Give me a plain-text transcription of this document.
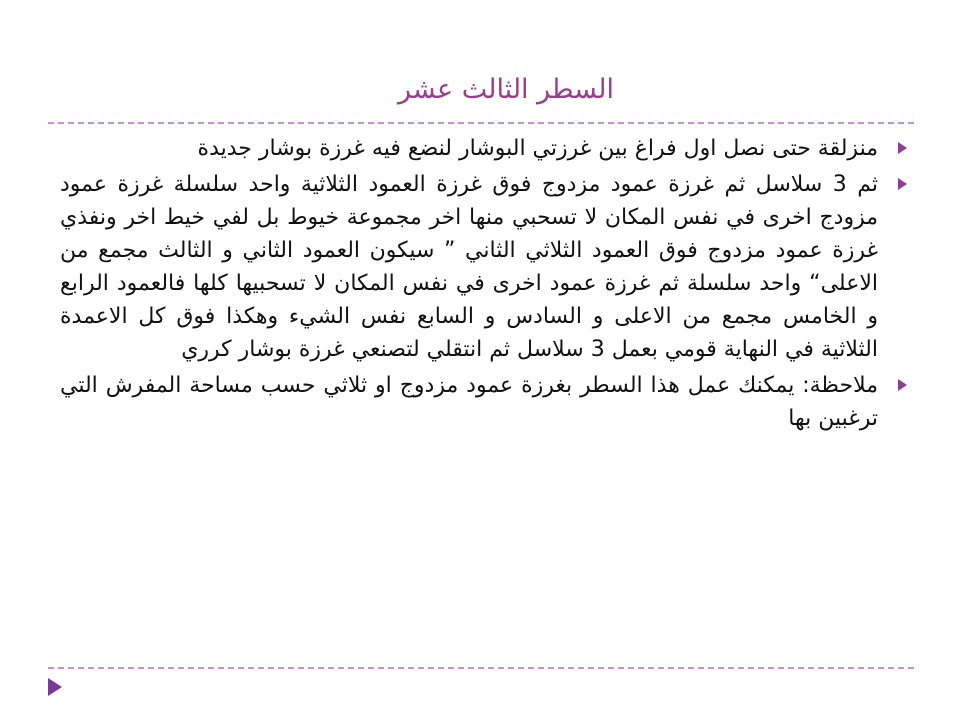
السطر الثالث عشر
منزلقة حتى نصل اول فراغ بين غرزتي البوشار لنضع فيه غرزة بوشار جديدة
ثم 3 سلاسل ثم غرزة عمود مزدوج فوق غرزة العمود الثلاثية واحد سلسلة غرزة عمود مزودج اخرى في نفس المكان لا تسحبي منها اخر مجموعة خيوط بل لفي خيط اخر ونفذي غرزة عمود مزدوج فوق العمود الثلاثي الثاني ” سيكون العمود الثاني و الثالث مجمع من الاعلى“ واحد سلسلة ثم غرزة عمود اخرى في نفس المكان لا تسحبيها كلها فالعمود الرابع و الخامس مجمع من الاعلى و السادس و السابع نفس الشيء وهكذا فوق كل الاعمدة الثلاثية في النهاية قومي بعمل 3 سلاسل ثم انتقلي لتصنعي غرزة بوشار كرري
ملاحظة: يمكنك عمل هذا السطر بغرزة عمود مزدوج او ثلاثي حسب مساحة المفرش التي ترغبين بها
